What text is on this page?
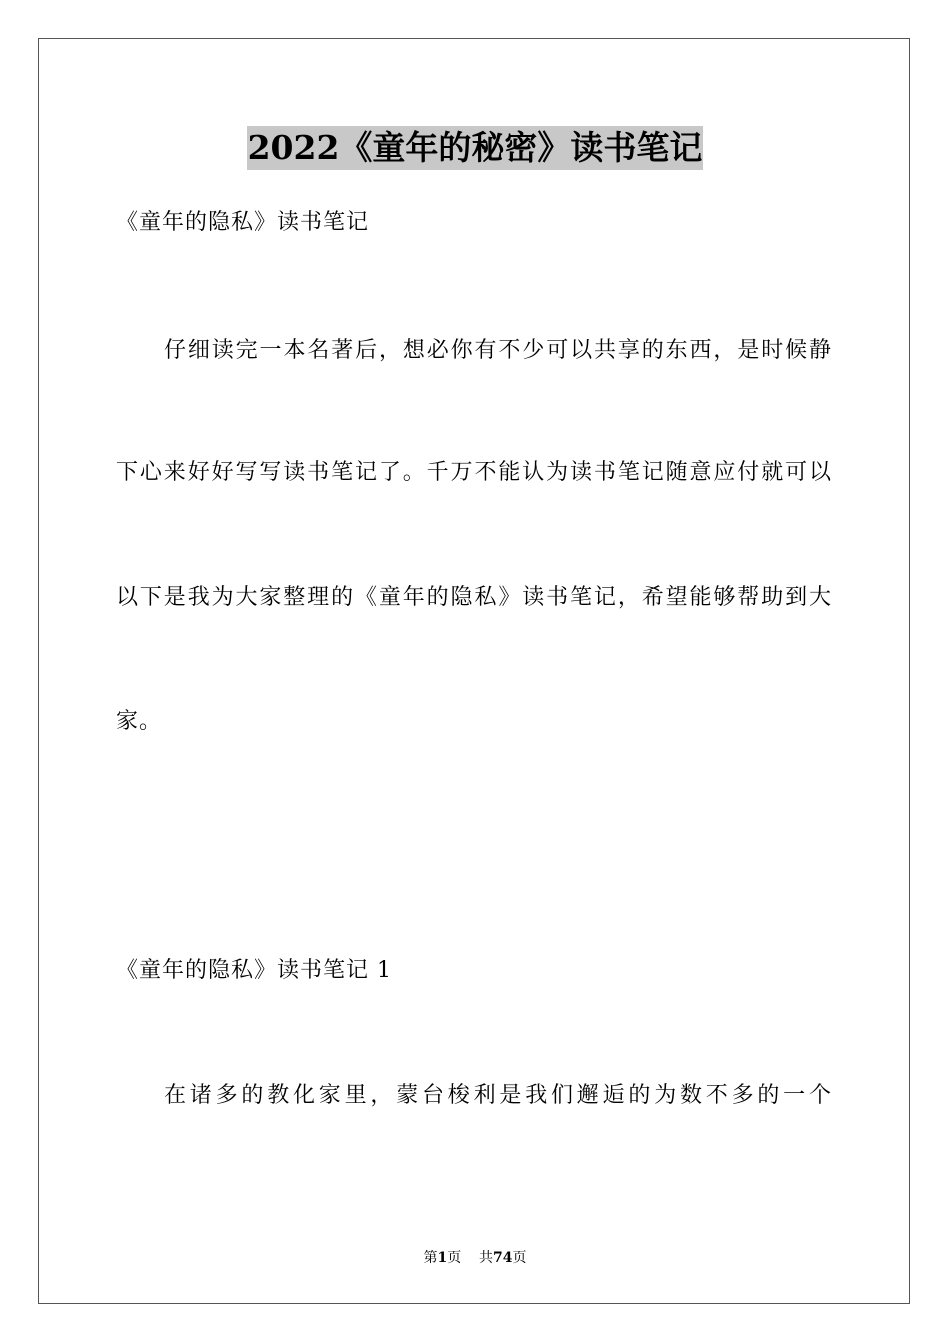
2022《童年的秘密》读书笔记
《童年的隐私》读书笔记
仔细读完一本名著后，想必你有不少可以共享的东西，是时候静
下心来好好写写读书笔记了。千万不能认为读书笔记随意应付就可以
以下是我为大家整理的《童年的隐私》读书笔记，希望能够帮助到大
家。
《童年的隐私》读书笔记 1
在诸多的教化家里，蒙台梭利是我们邂逅的为数不多的一个
第1页 共74页
